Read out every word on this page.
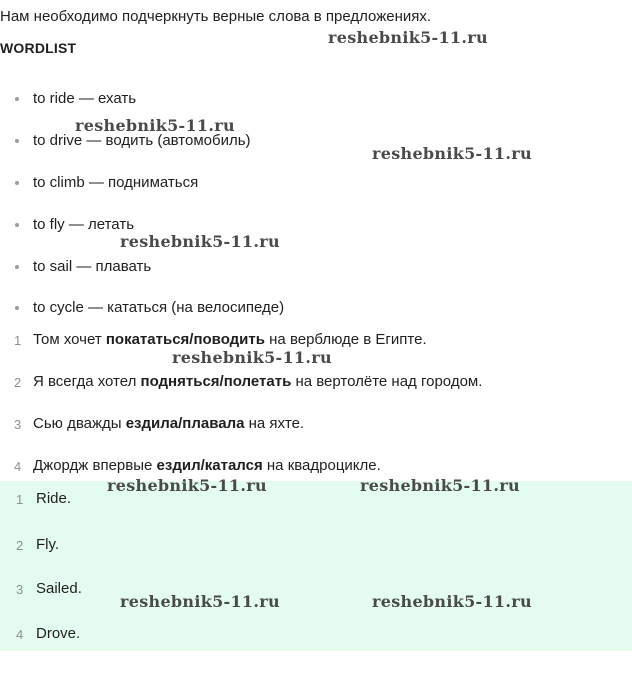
Нам необходимо подчеркнуть верные слова в предложениях.
WORDLIST
to ride — ехать
to drive — водить (автомобиль)
to climb — подниматься
to fly — летать
to sail — плавать
to cycle — кататься (на велосипеде)
1 Том хочет покататься/поводить на верблюде в Египте.
2 Я всегда хотел подняться/полетать на вертолёте над городом.
3 Сью дважды ездила/плавала на яхте.
4 Джордж впервые ездил/катался на квадроцикле.
1 Ride.
2 Fly.
3 Sailed.
4 Drove.
reshebnik5-11.ru
reshebnik5-11.ru
reshebnik5-11.ru
reshebnik5-11.ru
reshebnik5-11.ru
reshebnik5-11.ru	reshebnik5-11.ru
reshebnik5-11.ru	reshebnik5-11.ru
